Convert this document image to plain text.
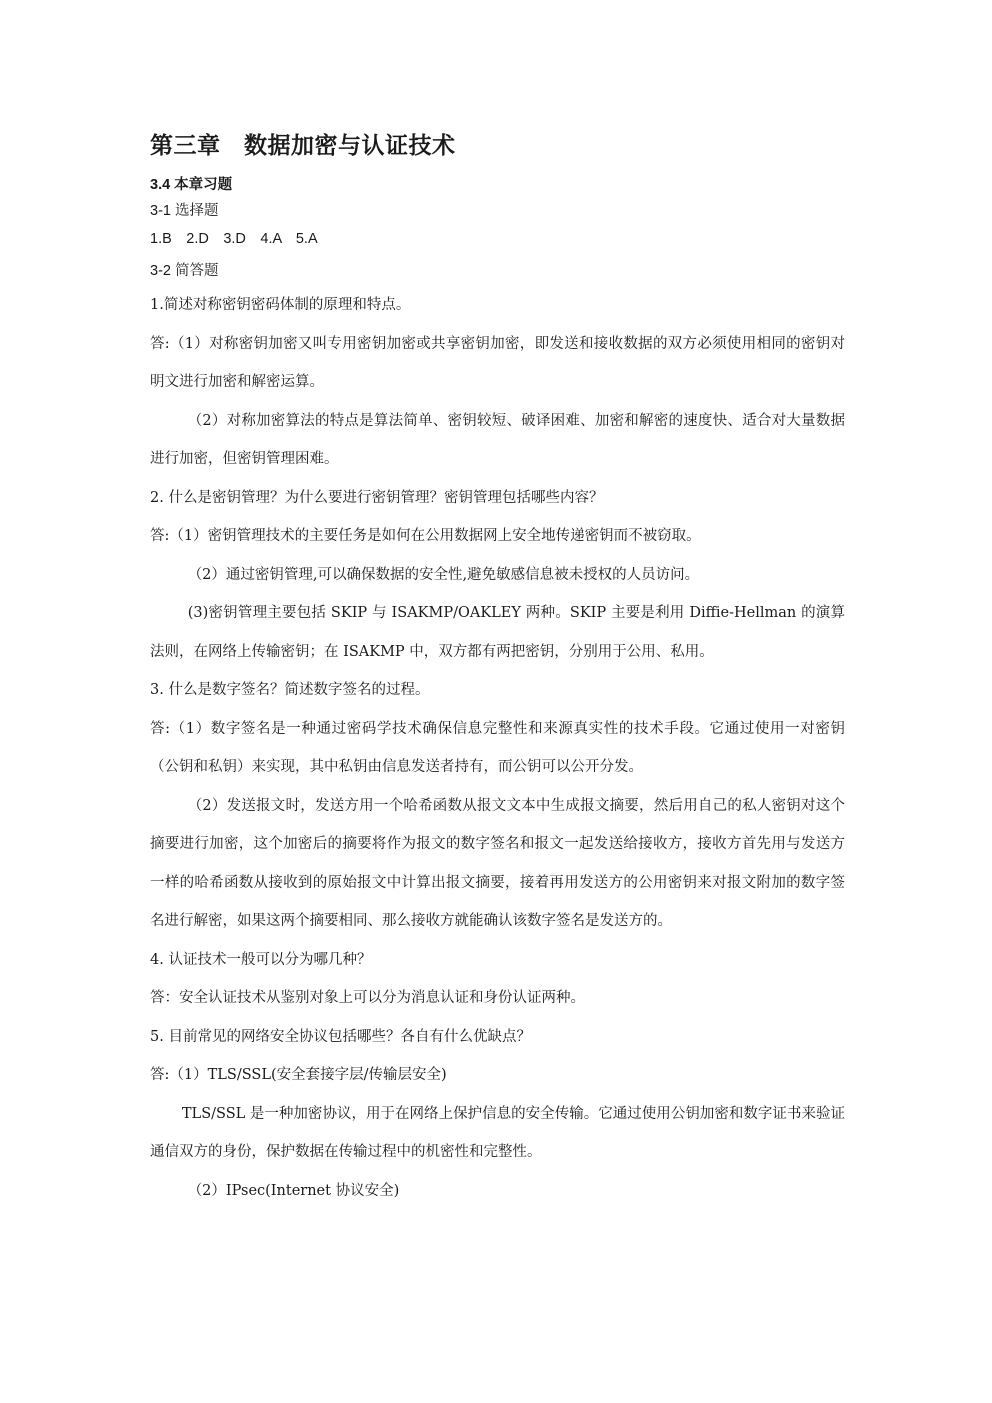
第三章　数据加密与认证技术
3.4 本章习题
3-1 选择题
1.B　2.D　3.D　4.A　5.A
3-2 简答题

1.简述对称密钥密码体制的原理和特点。

答:（1）对称密钥加密又叫专用密钥加密或共享密钥加密，即发送和接收数据的双方必须使用相同的密钥对明文进行加密和解密运算。

（2）对称加密算法的特点是算法简单、密钥较短、破译困难、加密和解密的速度快、适合对大量数据进行加密，但密钥管理困难。

2. 什么是密钥管理？为什么要进行密钥管理？密钥管理包括哪些内容？

答:（1）密钥管理技术的主要任务是如何在公用数据网上安全地传递密钥而不被窃取。

（2）通过密钥管理,可以确保数据的安全性,避免敏感信息被未授权的人员访问。

(3)密钥管理主要包括 SKIP 与 ISAKMP/OAKLEY 两种。SKIP 主要是利用 Diffie-Hellman 的演算法则，在网络上传输密钥；在 ISAKMP 中，双方都有两把密钥，分别用于公用、私用。

3. 什么是数字签名？简述数字签名的过程。

答:（1）数字签名是一种通过密码学技术确保信息完整性和来源真实性的技术手段。它通过使用一对密钥（公钥和私钥）来实现，其中私钥由信息发送者持有，而公钥可以公开分发。

（2）发送报文时，发送方用一个哈希函数从报文文本中生成报文摘要，然后用自己的私人密钥对这个摘要进行加密，这个加密后的摘要将作为报文的数字签名和报文一起发送给接收方，接收方首先用与发送方一样的哈希函数从接收到的原始报文中计算出报文摘要，接着再用发送方的公用密钥来对报文附加的数字签名进行解密，如果这两个摘要相同、那么接收方就能确认该数字签名是发送方的。

4. 认证技术一般可以分为哪几种？

答：安全认证技术从鉴别对象上可以分为消息认证和身份认证两种。

5. 目前常见的网络安全协议包括哪些？各自有什么优缺点？

答:（1）TLS/SSL(安全套接字层/传输层安全)

TLS/SSL 是一种加密协议，用于在网络上保护信息的安全传输。它通过使用公钥加密和数字证书来验证通信双方的身份，保护数据在传输过程中的机密性和完整性。

（2）IPsec(Internet 协议安全)
